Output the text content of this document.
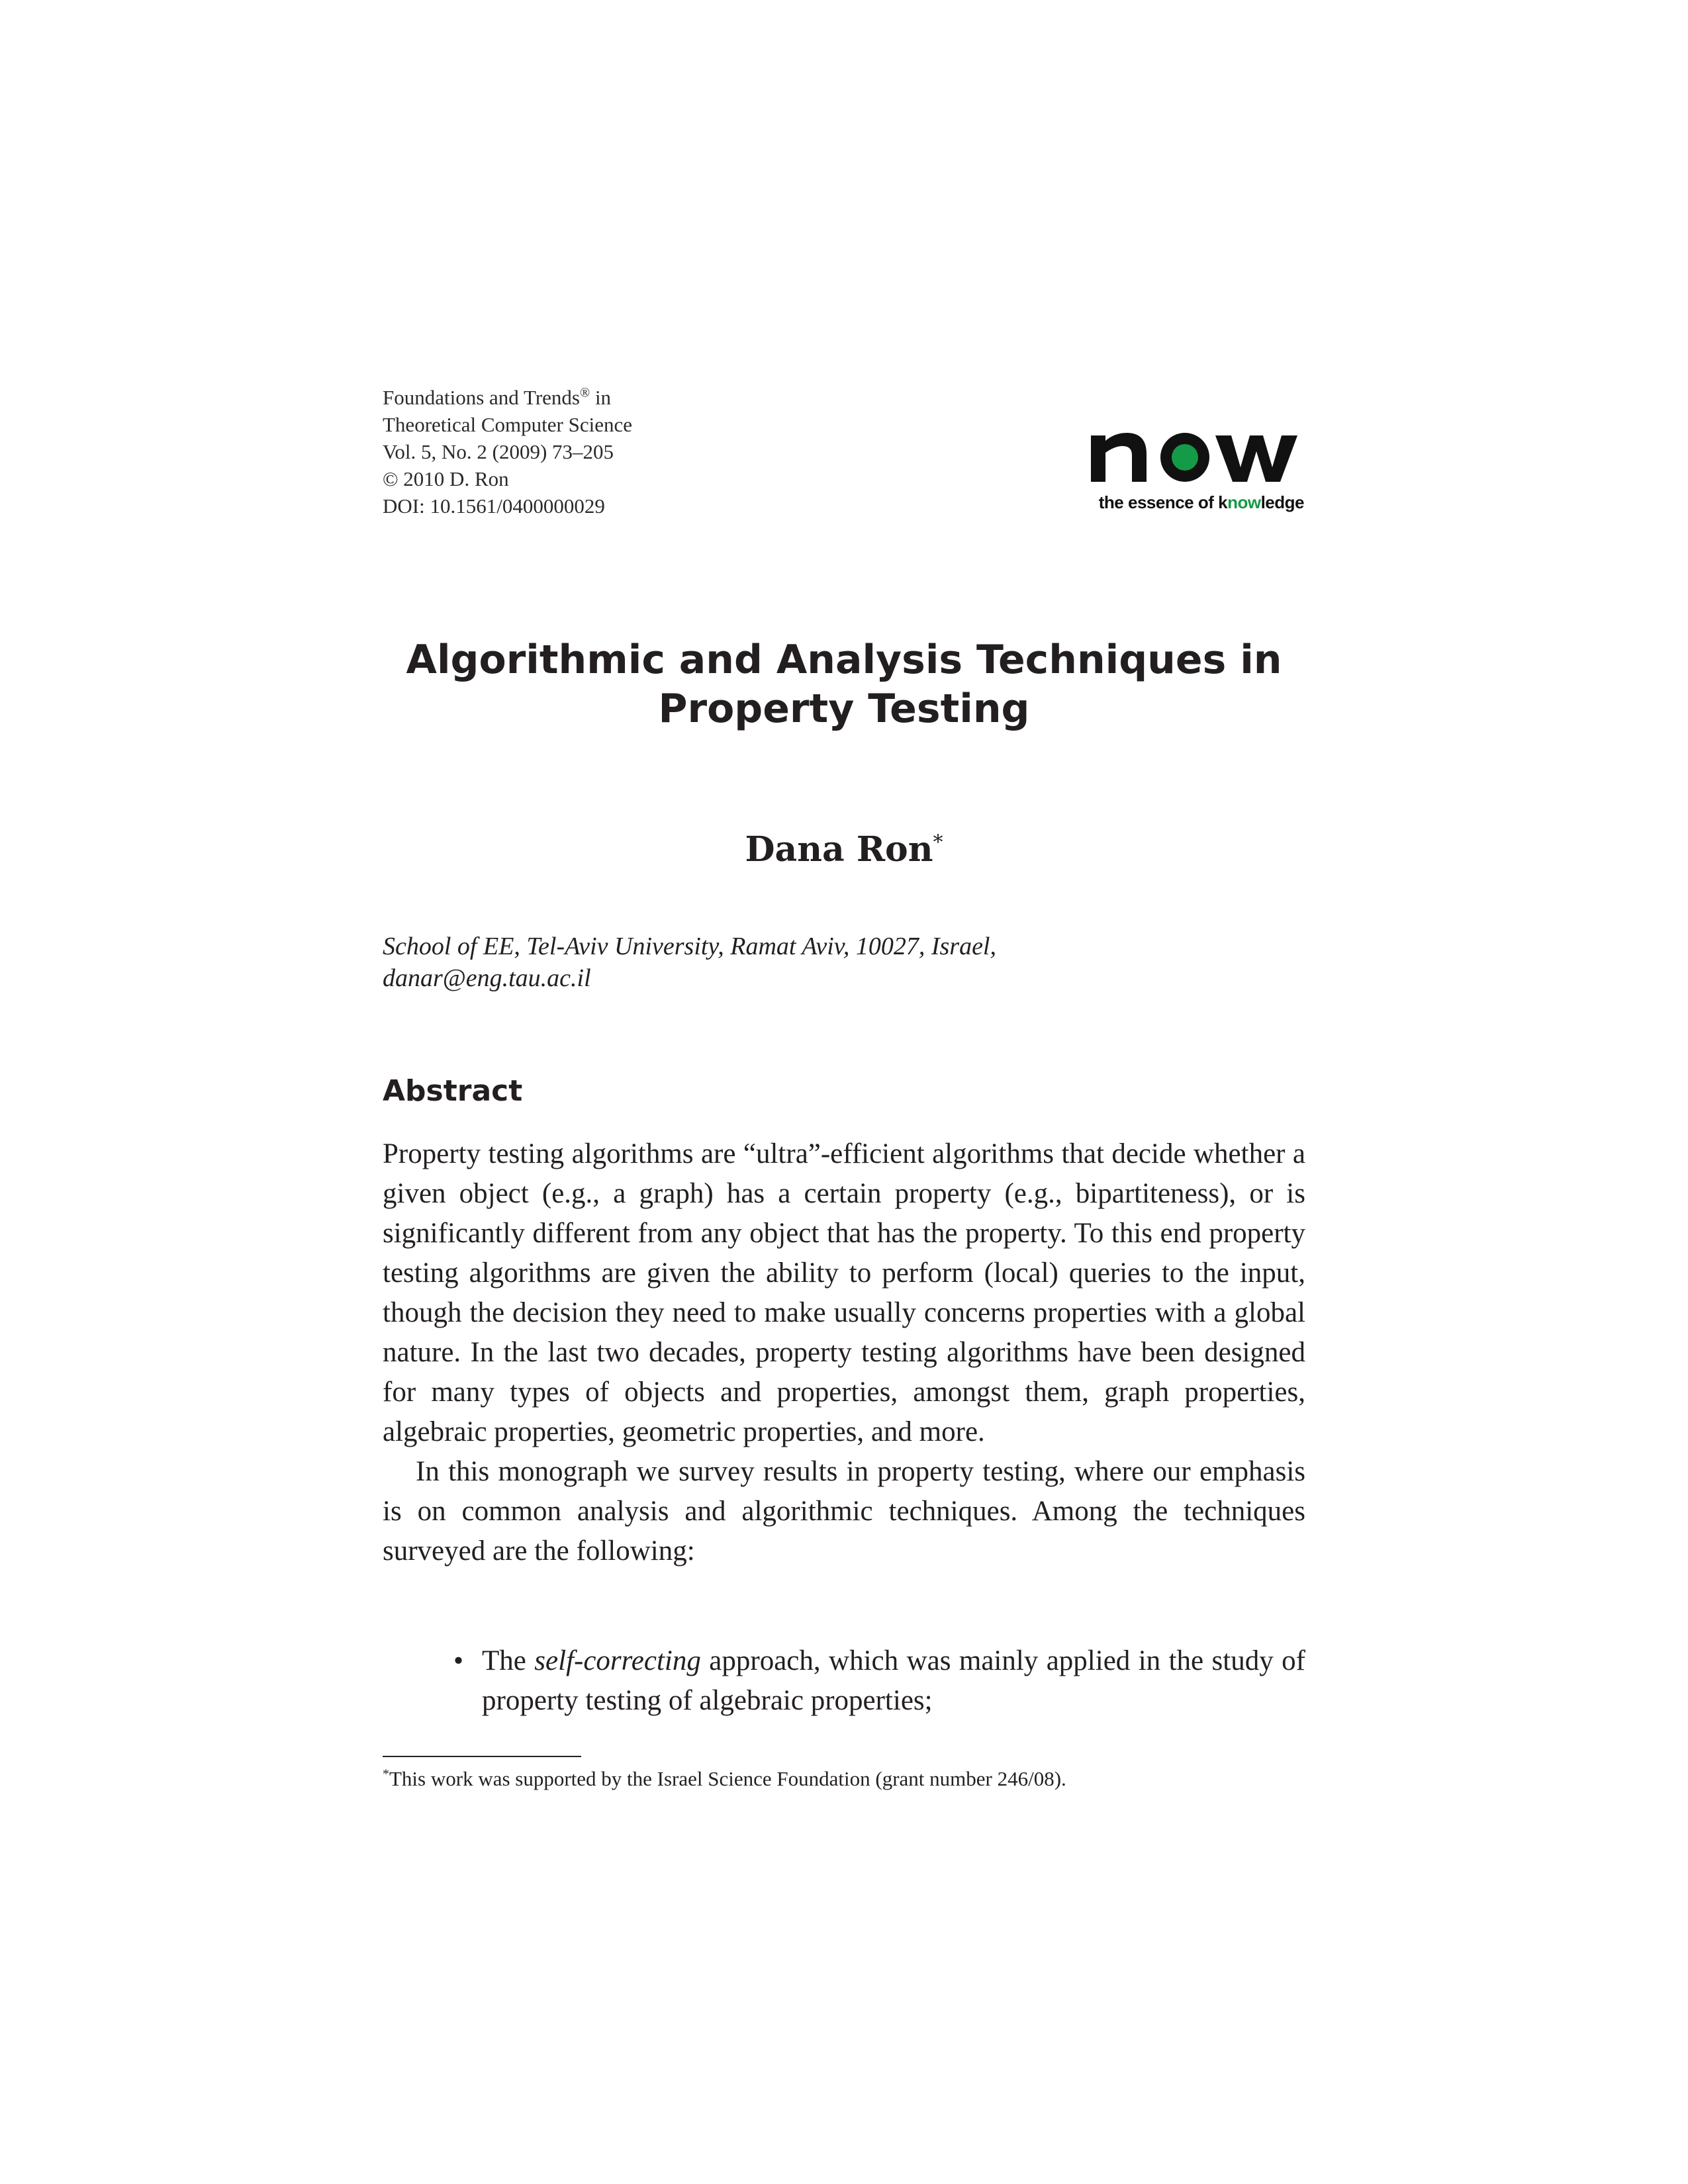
Foundations and Trends® in
Theoretical Computer Science
Vol. 5, No. 2 (2009) 73–205
© 2010 D. Ron
DOI: 10.1561/0400000029	the essence of knowledge
Algorithmic and Analysis Techniques in
Property Testing
Dana Ron*
School of EE, Tel-Aviv University, Ramat Aviv, 10027, Israel,
danar@eng.tau.ac.il
Abstract

Property testing algorithms are “ultra”-efficient algorithms that decide whether a given object (e.g., a graph) has a certain property (e.g., bipartiteness), or is significantly different from any object that has the property. To this end property testing algorithms are given the ability to perform (local) queries to the input, though the decision they need to make usually concerns properties with a global nature. In the last two decades, property testing algorithms have been designed for many types of objects and properties, amongst them, graph properties, algebraic properties, geometric properties, and more.

In this monograph we survey results in property testing, where our emphasis is on common analysis and algorithmic techniques. Among the techniques surveyed are the following:

• The self-correcting approach, which was mainly applied in the study of property testing of algebraic properties;
*This work was supported by the Israel Science Foundation (grant number 246/08).
